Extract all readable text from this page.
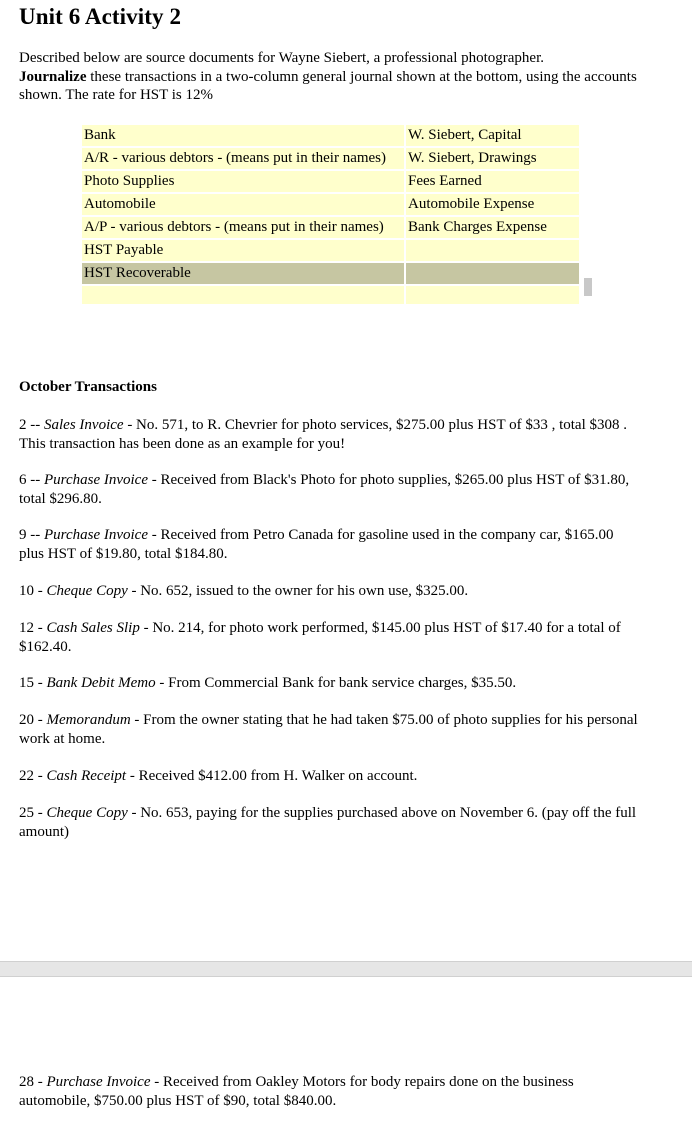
Unit 6 Activity 2

Described below are source documents for Wayne Siebert, a professional photographer.
Journalize these transactions in a two-column general journal shown at the bottom, using the accounts shown. The rate for HST is 12%

Bank	W. Siebert, Capital
A/R - various debtors - (means put in their names)	W. Siebert, Drawings
Photo Supplies	Fees Earned
Automobile	Automobile Expense
A/P - various debtors - (means put in their names)	Bank Charges Expense
HST Payable	
HST Recoverable	

October Transactions

2 -- Sales Invoice - No. 571, to R. Chevrier for photo services, $275.00 plus HST of $33 , total $308 . This transaction has been done as an example for you!

6 -- Purchase Invoice - Received from Black's Photo for photo supplies, $265.00 plus HST of $31.80, total $296.80.

9 -- Purchase Invoice - Received from Petro Canada for gasoline used in the company car, $165.00 plus HST of $19.80, total $184.80.

10 - Cheque Copy - No. 652, issued to the owner for his own use, $325.00.

12 - Cash Sales Slip - No. 214, for photo work performed, $145.00 plus HST of $17.40 for a total of $162.40.

15 - Bank Debit Memo - From Commercial Bank for bank service charges, $35.50.

20 - Memorandum - From the owner stating that he had taken $75.00 of photo supplies for his personal work at home.

22 - Cash Receipt - Received $412.00 from H. Walker on account.

25 - Cheque Copy - No. 653, paying for the supplies purchased above on November 6. (pay off the full amount)

28 - Purchase Invoice - Received from Oakley Motors for body repairs done on the business automobile, $750.00 plus HST of $90, total $840.00.
